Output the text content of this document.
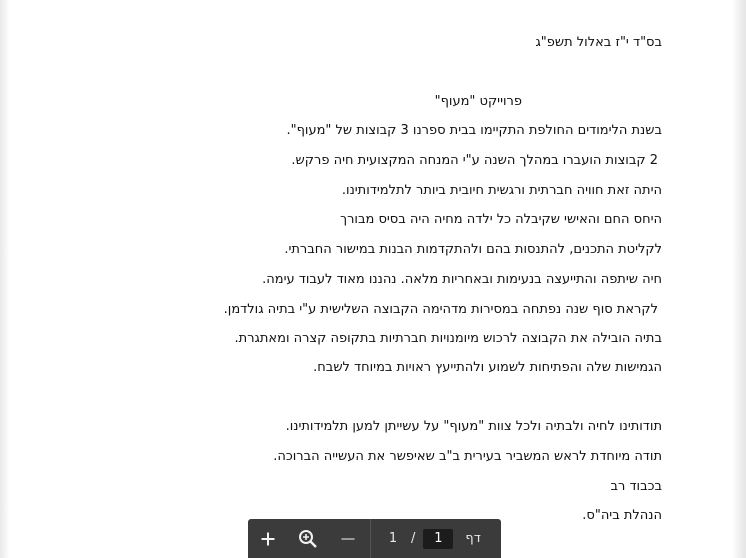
בס"ד י"ז באלול תשפ"ג
פרוייקט "מעוף"
בשנת הלימודים החולפת התקיימו בבית ספרנו 3 קבוצות של "מעוף".
2 קבוצות הועברו במהלך השנה ע"י המנחה המקצועית חיה פרקש.
היתה זאת חוויה חברתית ורגשית חיובית ביותר לתלמידותינו.
היחס החם והאישי שקיבלה כל ילדה מחיה היה בסיס מבורך
לקליטת התכנים, להתנסות בהם ולהתקדמות הבנות במישור החברתי.
חיה שיתפה והתייעצה בנעימות ובאחריות מלאה. נהננו מאוד לעבוד עימה.
לקראת סוף שנה נפתחה במסירות מדהימה הקבוצה השלישית ע"י בתיה גולדמן.
בתיה הובילה את הקבוצה לרכוש מיומנויות חברתיות בתקופה קצרה ומאתגרת.
הגמישות שלה והפתיחות לשמוע ולהתייעץ ראויות במיוחד לשבח.
תודותינו לחיה ולבתיה ולכל צוות "מעוף" על עשייתן למען תלמידותינו.
תודה מיוחדת לראש המשביר בעירית ב"ב שאיפשר את העשייה הברוכה.
בכבוד רב
הנהלת ביה"ס.
1	/
1	דף
